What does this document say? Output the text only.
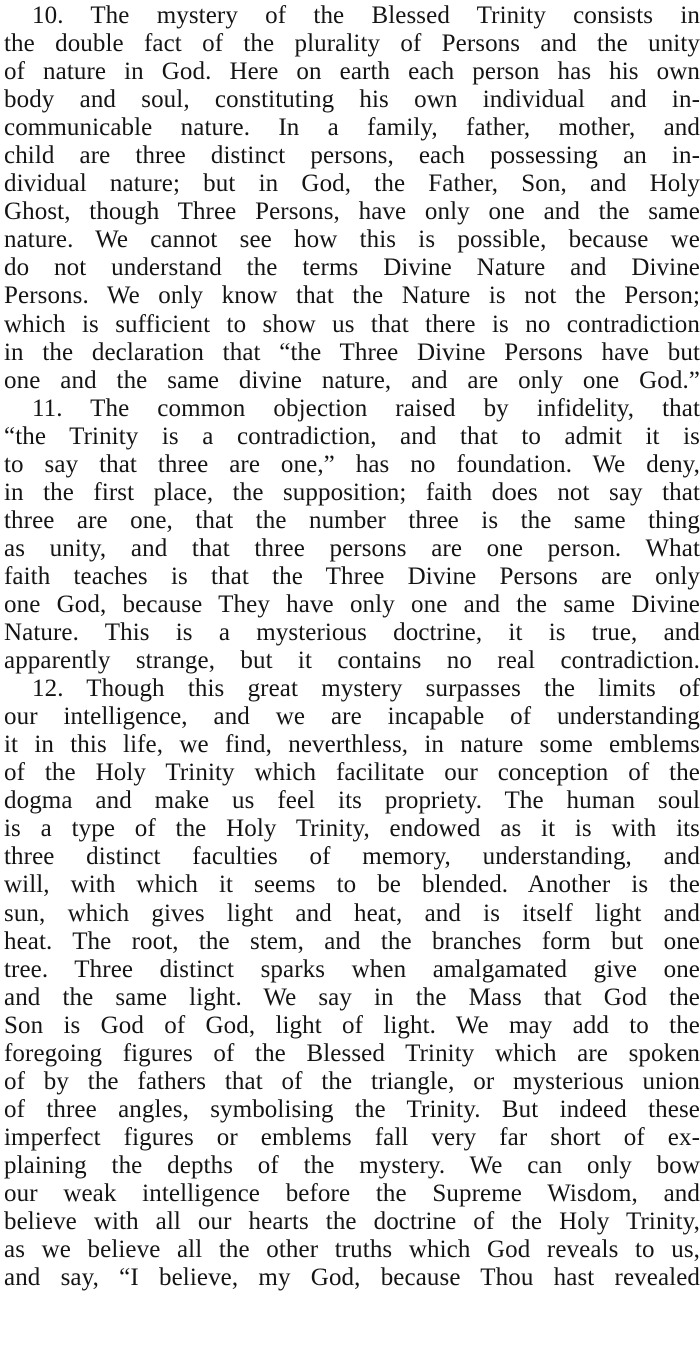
10. The mystery of the Blessed Trinity consists in
the double fact of the plurality of Persons and the unity
of nature in God. Here on earth each person has his own
body and soul, constituting his own individual and in-
communicable nature. In a family, father, mother, and
child are three distinct persons, each possessing an in-
dividual nature; but in God, the Father, Son, and Holy
Ghost, though Three Persons, have only one and the same
nature. We cannot see how this is possible, because we
do not understand the terms Divine Nature and Divine
Persons. We only know that the Nature is not the Person;
which is sufficient to show us that there is no contradiction
in the declaration that “the Three Divine Persons have but
one and the same divine nature, and are only one God.”
11. The common objection raised by infidelity, that
“the Trinity is a contradiction, and that to admit it is
to say that three are one,” has no foundation. We deny,
in the first place, the supposition; faith does not say that
three are one, that the number three is the same thing
as unity, and that three persons are one person. What
faith teaches is that the Three Divine Persons are only
one God, because They have only one and the same Divine
Nature. This is a mysterious doctrine, it is true, and
apparently strange, but it contains no real contradiction.
12. Though this great mystery surpasses the limits of
our intelligence, and we are incapable of understanding
it in this life, we find, neverthless, in nature some emblems
of the Holy Trinity which facilitate our conception of the
dogma and make us feel its propriety. The human soul
is a type of the Holy Trinity, endowed as it is with its
three distinct faculties of memory, understanding, and
will, with which it seems to be blended. Another is the
sun, which gives light and heat, and is itself light and
heat. The root, the stem, and the branches form but one
tree. Three distinct sparks when amalgamated give one
and the same light. We say in the Mass that God the
Son is God of God, light of light. We may add to the
foregoing figures of the Blessed Trinity which are spoken
of by the fathers that of the triangle, or mysterious union
of three angles, symbolising the Trinity. But indeed these
imperfect figures or emblems fall very far short of ex-
plaining the depths of the mystery. We can only bow
our weak intelligence before the Supreme Wisdom, and
believe with all our hearts the doctrine of the Holy Trinity,
as we believe all the other truths which God reveals to us,
and say, “I believe, my God, because Thou hast revealed
